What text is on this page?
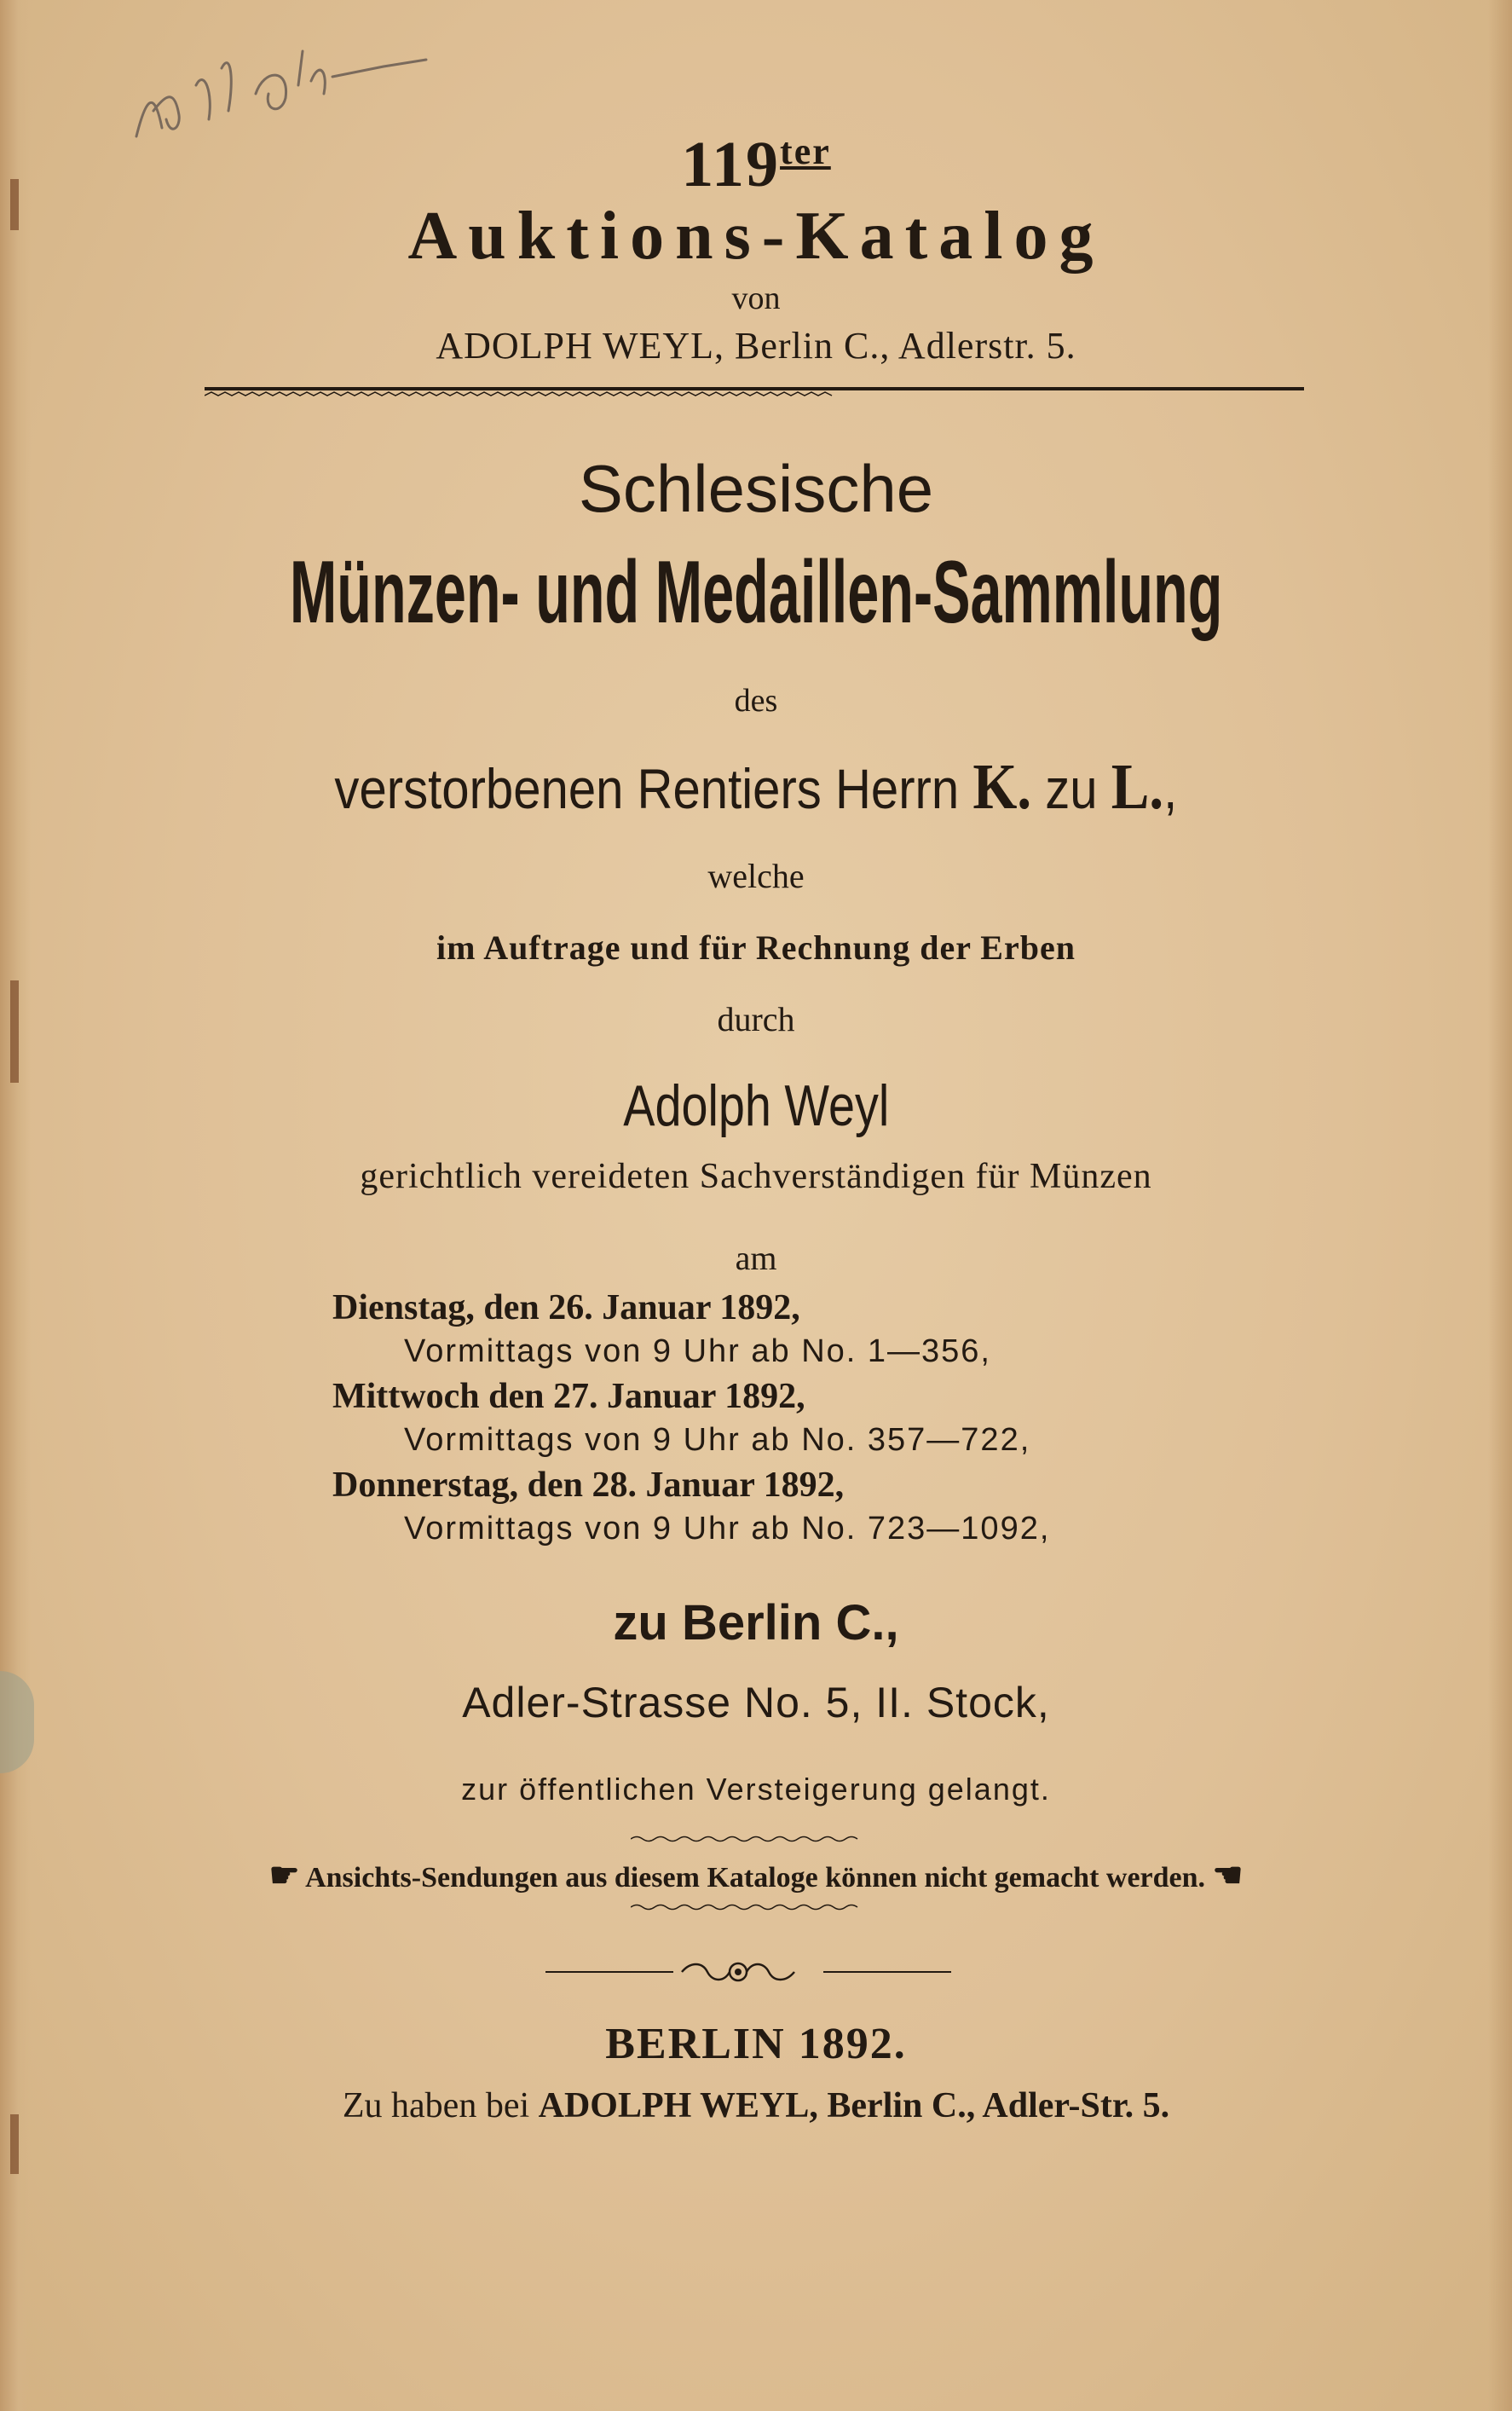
$119^{ter}$
Auktions-Katalog
von
ADOLPH WEYL, Berlin C., Adlerstr. 5.
Schlesische
Münzen- und Medaillen-Sammlung
des
verstorbenen Rentiers Herrn K. zu L.,
welche
im Auftrage und für Rechnung der Erben
durch
Adolph Weyl
gerichtlich vereideten Sachverständigen für Münzen
am
Dienstag, den 26. Januar 1892,
Vormittags von 9 Uhr ab No. 1—356,
Mittwoch den 27. Januar 1892,
Vormittags von 9 Uhr ab No. 357—722,
Donnerstag, den 28. Januar 1892,
Vormittags von 9 Uhr ab No. 723—1092,
zu Berlin C.,
Adler-Strasse No. 5, II. Stock,
zur öffentlichen Versteigerung gelangt.
☛ Ansichts-Sendungen aus diesem Kataloge können nicht gemacht werden. ☚
BERLIN 1892.
Zu haben bei ADOLPH WEYL, Berlin C., Adler-Str. 5.
